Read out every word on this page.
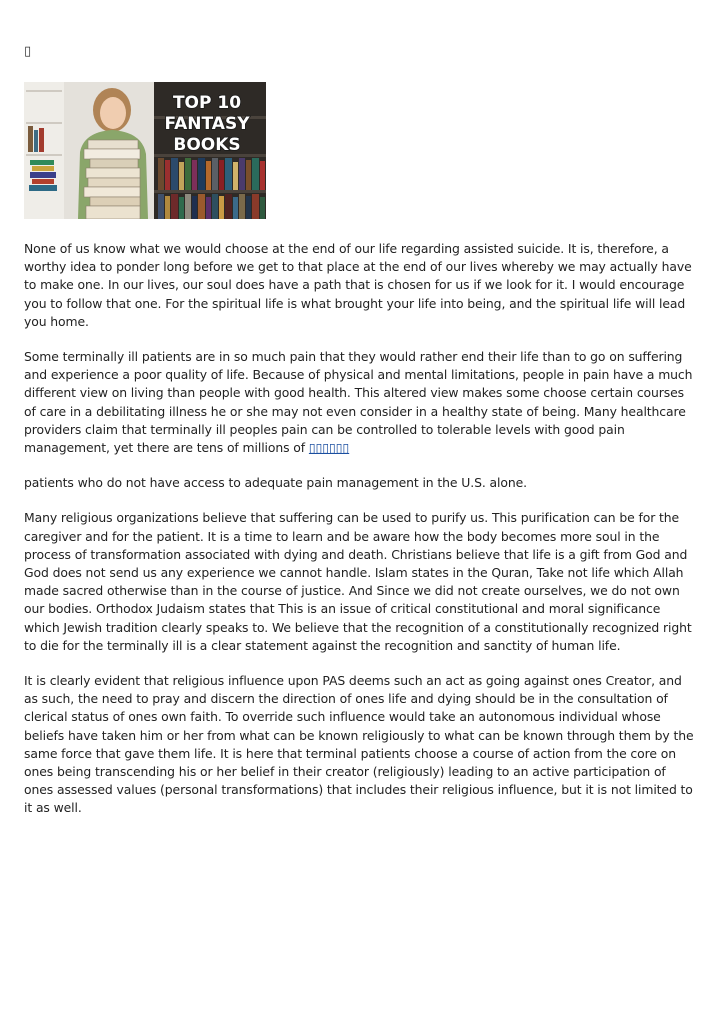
▯
TOP 10
FANTASY
BOOKS

None of us know what we would choose at the end of our life regarding assisted suicide. It is, therefore, a worthy idea to ponder long before we get to that place at the end of our lives whereby we may actually have to make one. In our lives, our soul does have a path that is chosen for us if we look for it. I would encourage you to follow that one. For the spiritual life is what brought your life into being, and the spiritual life will lead you home.

Some terminally ill patients are in so much pain that they would rather end their life than to go on suffering and experience a poor quality of life. Because of physical and mental limitations, people in pain have a much different view on living than people with good health. This altered view makes some choose certain courses of care in a debilitating illness he or she may not even consider in a healthy state of being. Many healthcare providers claim that terminally ill peoples pain can be controlled to tolerable levels with good pain management, yet there are tens of millions of ▯▯▯▯▯▯

patients who do not have access to adequate pain management in the U.S. alone.

Many religious organizations believe that suffering can be used to purify us. This purification can be for the caregiver and for the patient. It is a time to learn and be aware how the body becomes more soul in the process of transformation associated with dying and death. Christians believe that life is a gift from God and God does not send us any experience we cannot handle. Islam states in the Quran, Take not life which Allah made sacred otherwise than in the course of justice. And Since we did not create ourselves, we do not own our bodies. Orthodox Judaism states that This is an issue of critical constitutional and moral significance which Jewish tradition clearly speaks to. We believe that the recognition of a constitutionally recognized right to die for the terminally ill is a clear statement against the recognition and sanctity of human life.

It is clearly evident that religious influence upon PAS deems such an act as going against ones Creator, and as such, the need to pray and discern the direction of ones life and dying should be in the consultation of clerical status of ones own faith. To override such influence would take an autonomous individual whose beliefs have taken him or her from what can be known religiously to what can be known through them by the same force that gave them life. It is here that terminal patients choose a course of action from the core on ones being transcending his or her belief in their creator (religiously) leading to an active participation of ones assessed values (personal transformations) that includes their religious influence, but it is not limited to it as well.
